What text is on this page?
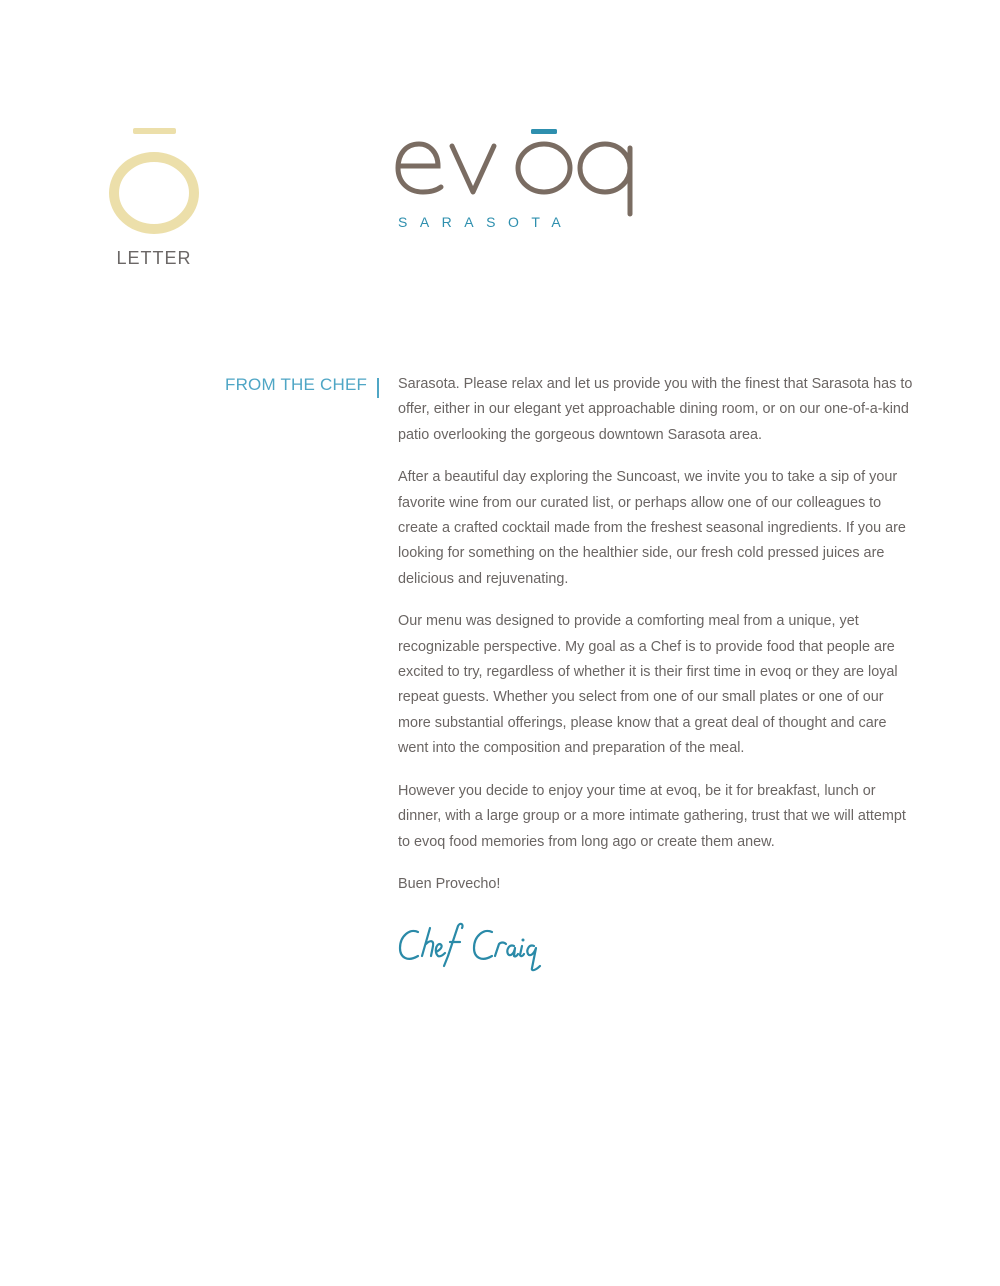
LETTER
SARASOTA
FROM THE CHEF Sarasota. Please relax and let us provide you with the finest that Sarasota has to offer, either in our elegant yet approachable dining room, or on our one-of-a-kind patio overlooking the gorgeous downtown Sarasota area.

After a beautiful day exploring the Suncoast, we invite you to take a sip of your favorite wine from our curated list, or perhaps allow one of our colleagues to create a crafted cocktail made from the freshest seasonal ingredients. If you are looking for something on the healthier side, our fresh cold pressed juices are delicious and rejuvenating.

Our menu was designed to provide a comforting meal from a unique, yet recognizable perspective. My goal as a Chef is to provide food that people are excited to try, regardless of whether it is their first time in evoq or they are loyal repeat guests. Whether you select from one of our small plates or one of our more substantial offerings, please know that a great deal of thought and care went into the composition and preparation of the meal.

However you decide to enjoy your time at evoq, be it for breakfast, lunch or dinner, with a large group or a more intimate gathering, trust that we will attempt to evoq food memories from long ago or create them anew.

Buen Provecho!
